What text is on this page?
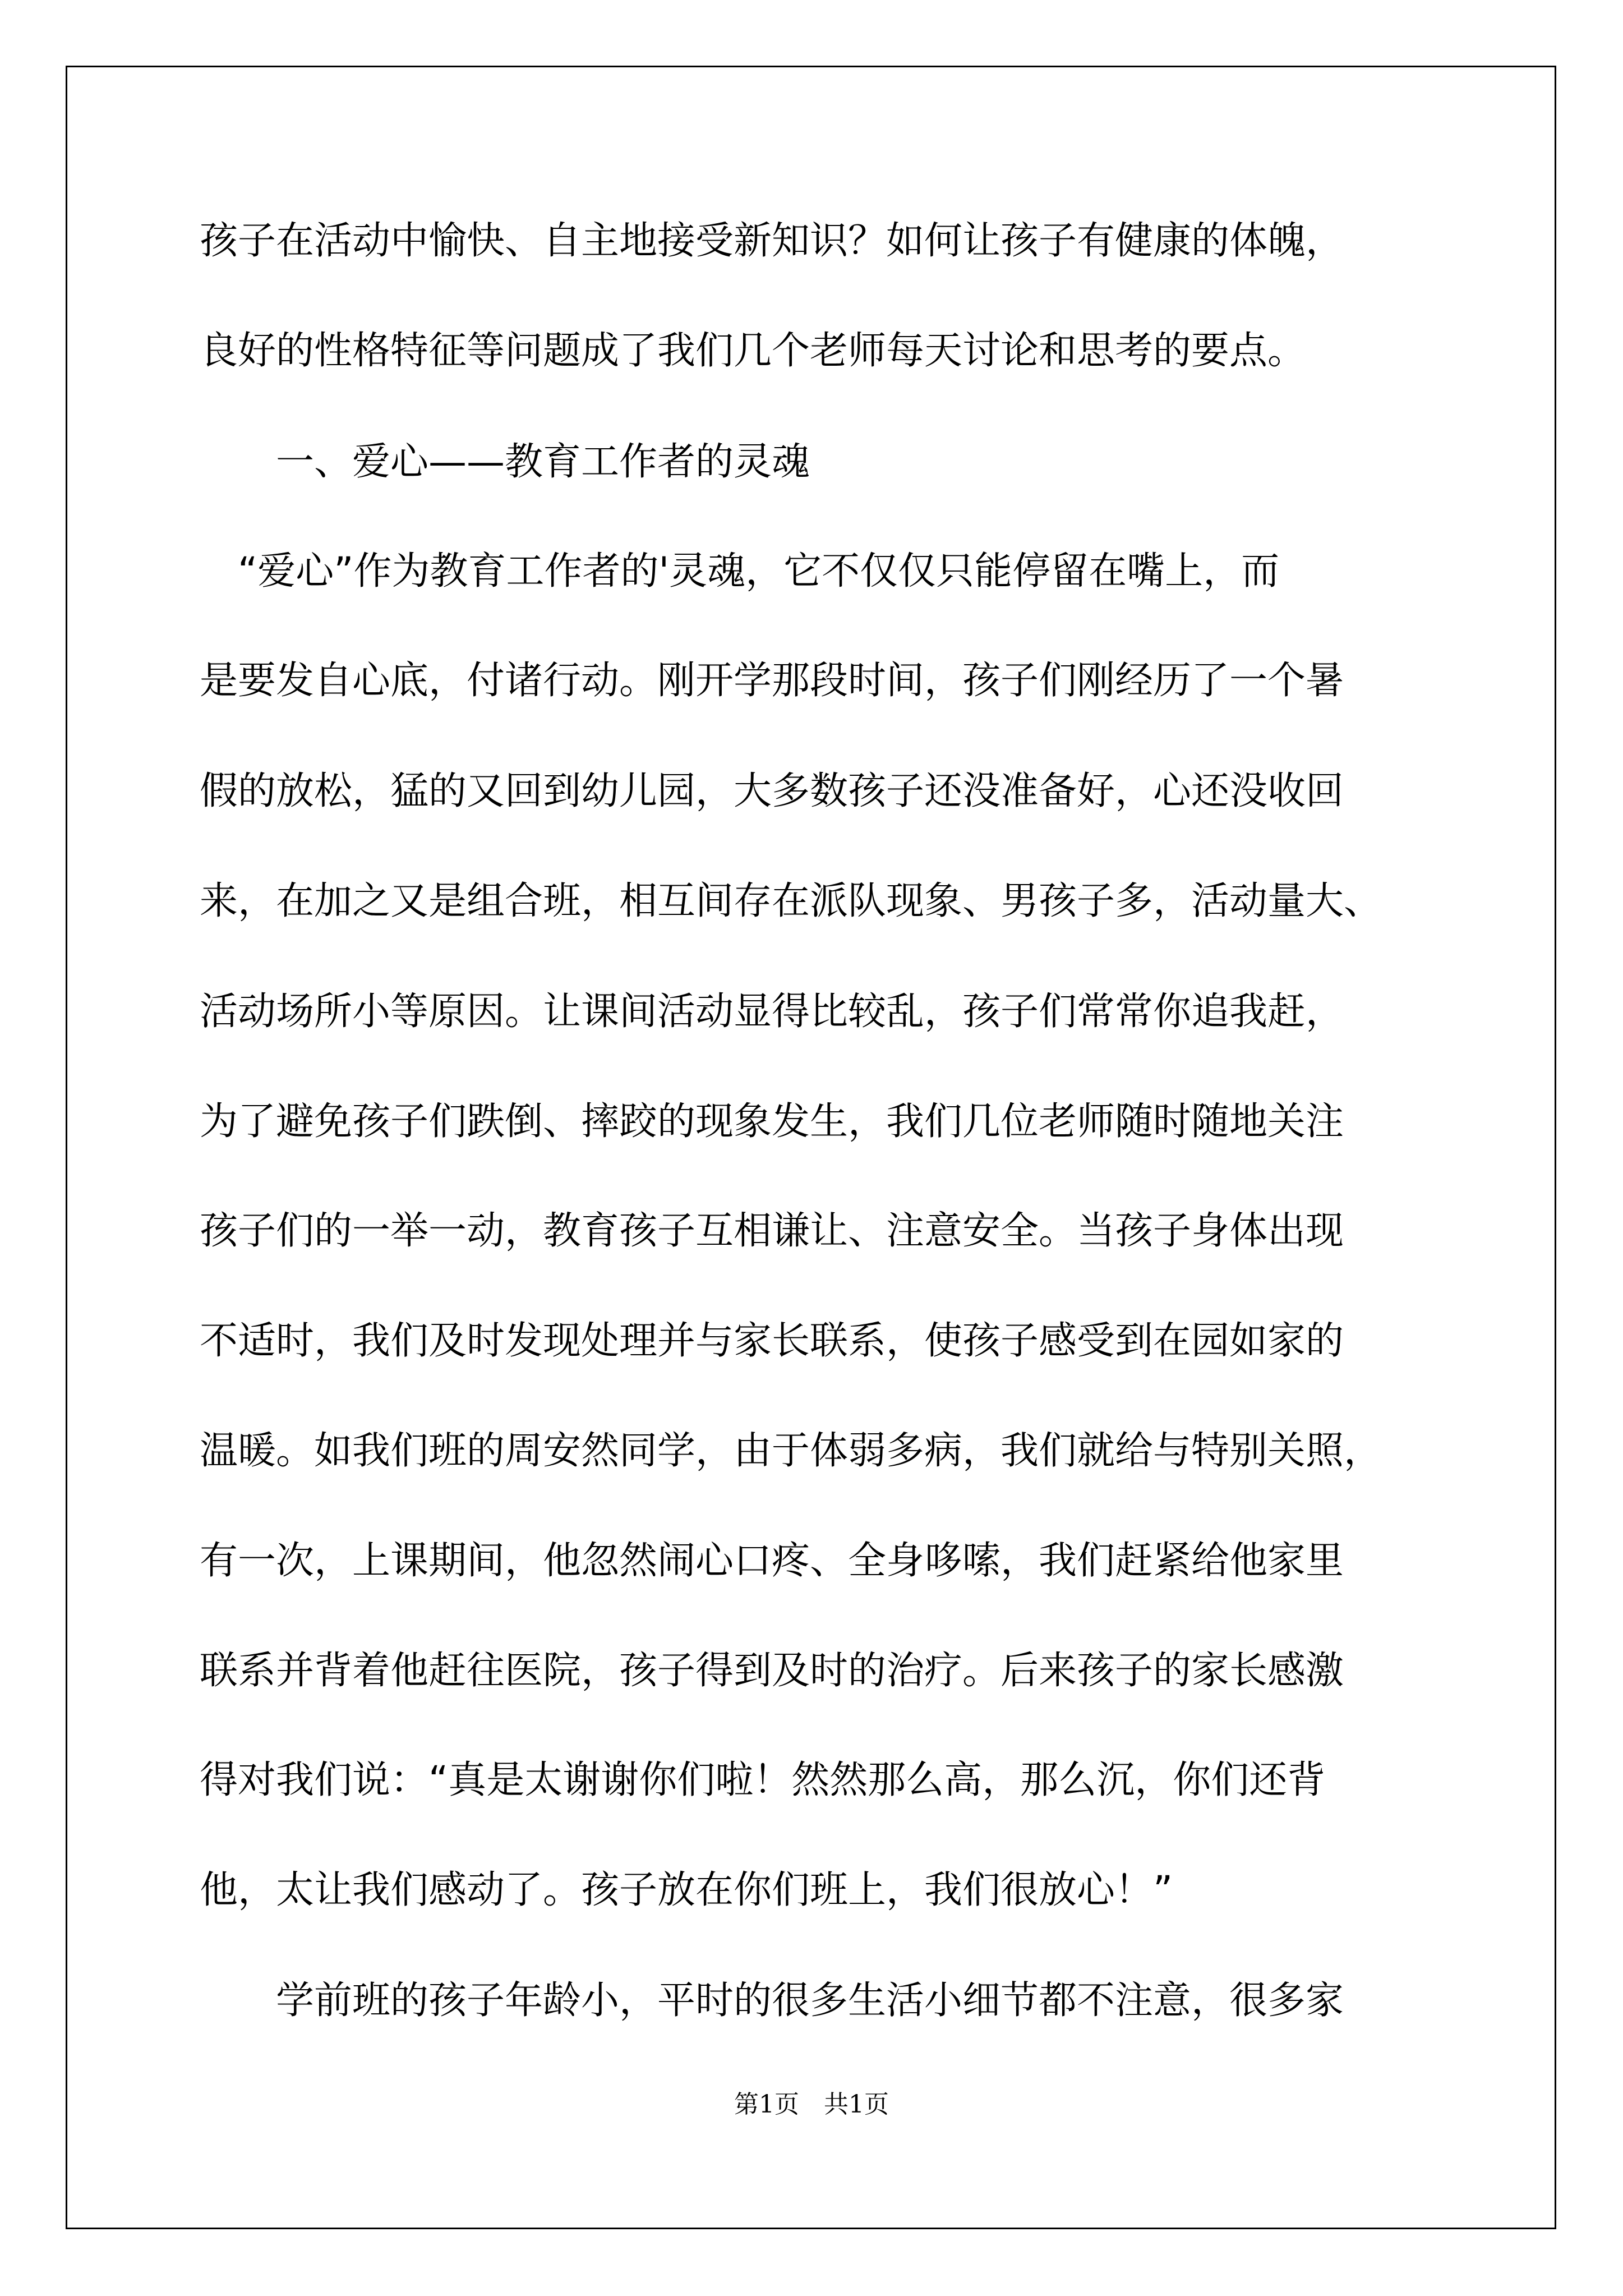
孩子在活动中愉快、自主地接受新知识？如何让孩子有健康的体魄，

良好的性格特征等问题成了我们几个老师每天讨论和思考的要点。

　　一、爱心——教育工作者的灵魂

　“爱心”作为教育工作者的'灵魂，它不仅仅只能停留在嘴上，而

是要发自心底，付诸行动。刚开学那段时间，孩子们刚经历了一个暑

假的放松，猛的又回到幼儿园，大多数孩子还没准备好，心还没收回

来，在加之又是组合班，相互间存在派队现象、男孩子多，活动量大、

活动场所小等原因。让课间活动显得比较乱，孩子们常常你追我赶，

为了避免孩子们跌倒、摔跤的现象发生，我们几位老师随时随地关注

孩子们的一举一动，教育孩子互相谦让、注意安全。当孩子身体出现

不适时，我们及时发现处理并与家长联系，使孩子感受到在园如家的

温暖。如我们班的周安然同学，由于体弱多病，我们就给与特别关照，

有一次，上课期间，他忽然闹心口疼、全身哆嗦，我们赶紧给他家里

联系并背着他赶往医院，孩子得到及时的治疗。后来孩子的家长感激

得对我们说：“真是太谢谢你们啦！然然那么高，那么沉，你们还背

他，太让我们感动了。孩子放在你们班上，我们很放心！”

　　学前班的孩子年龄小，平时的很多生活小细节都不注意，很多家

第1页　共1页
